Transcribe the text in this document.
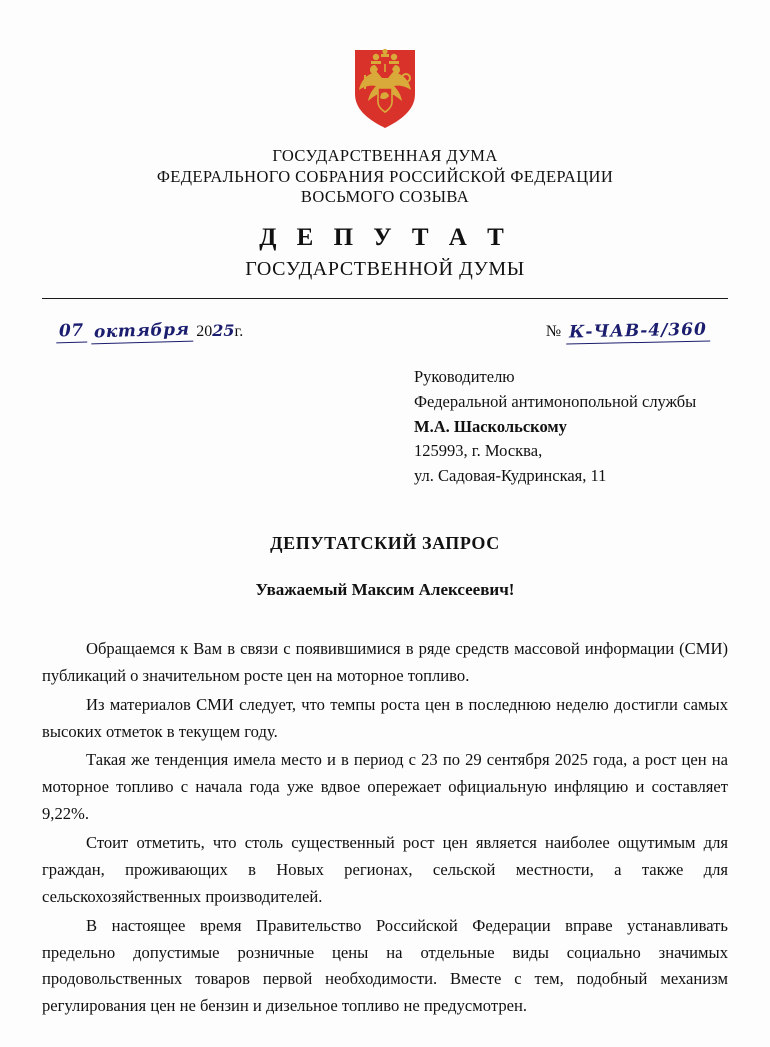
ГОСУДАРСТВЕННАЯ ДУМА
ФЕДЕРАЛЬНОГО СОБРАНИЯ РОССИЙСКОЙ ФЕДЕРАЦИИ
ВОСЬМОГО СОЗЫВА
Д Е П У Т А Т
ГОСУДАРСТВЕННОЙ ДУМЫ
07 октября 2025г.	№ К-ЧАВ-4/360
Руководителю
Федеральной антимонопольной службы
М.А. Шаскольскому
125993, г. Москва,
ул. Садовая-Кудринская, 11
ДЕПУТАТСКИЙ ЗАПРОС
Уважаемый Максим Алексеевич!

Обращаемся к Вам в связи с появившимися в ряде средств массовой информации (СМИ) публикаций о значительном росте цен на моторное топливо.

Из материалов СМИ следует, что темпы роста цен в последнюю неделю достигли самых высоких отметок в текущем году.

Такая же тенденция имела место и в период с 23 по 29 сентября 2025 года, а рост цен на моторное топливо с начала года уже вдвое опережает официальную инфляцию и составляет 9,22%.

Стоит отметить, что столь существенный рост цен является наиболее ощутимым для граждан, проживающих в Новых регионах, сельской местности, а также для сельскохозяйственных производителей.

В настоящее время Правительство Российской Федерации вправе устанавливать предельно допустимые розничные цены на отдельные виды социально значимых продовольственных товаров первой необходимости. Вместе с тем, подобный механизм регулирования цен не бензин и дизельное топливо не предусмотрен.
